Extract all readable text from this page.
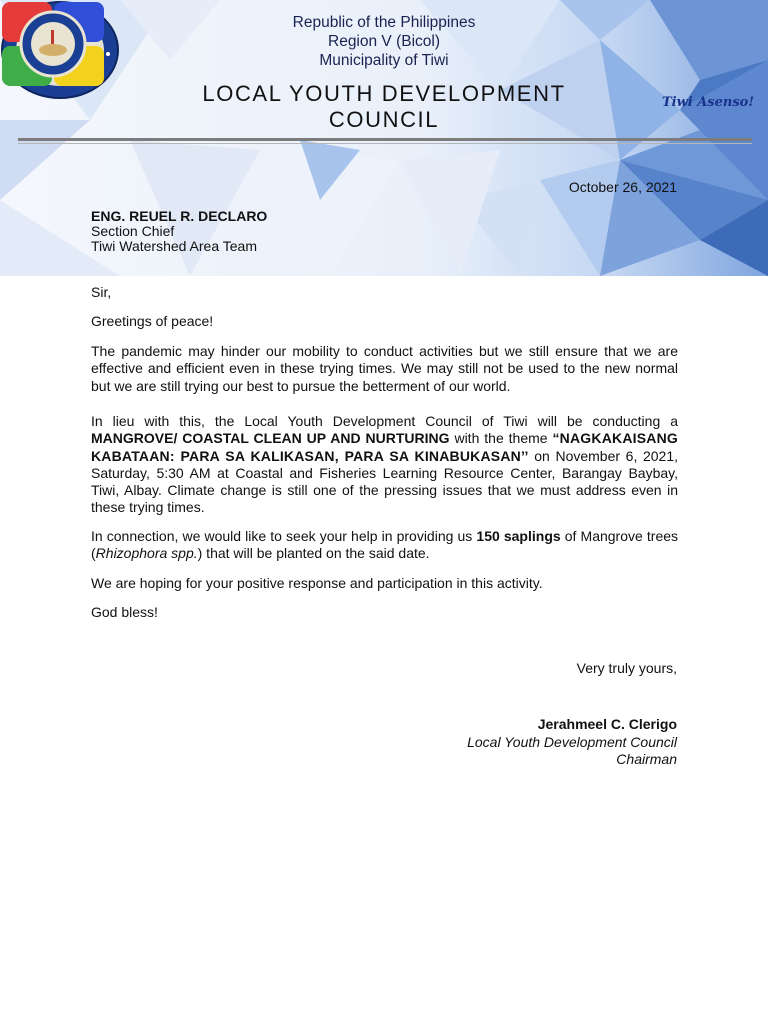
Tiwi Asenso!
Republic of the Philippines
Region V (Bicol)
Municipality of Tiwi
LOCAL YOUTH DEVELOPMENT
COUNCIL
October 26, 2021
ENG. REUEL R. DECLARO
Section Chief
Tiwi Watershed Area Team
Sir,
Greetings of peace!
The pandemic may hinder our mobility to conduct activities but we still ensure that we are effective and efficient even in these trying times. We may still not be used to the new normal but we are still trying our best to pursue the betterment of our world.
In lieu with this, the Local Youth Development Council of Tiwi will be conducting a MANGROVE/ COASTAL CLEAN UP AND NURTURING with the theme “NAGKAKAISANG KABATAAN: PARA SA KALIKASAN, PARA SA KINABUKASAN’’ on November 6, 2021, Saturday, 5:30 AM at Coastal and Fisheries Learning Resource Center, Barangay Baybay, Tiwi, Albay. Climate change is still one of the pressing issues that we must address even in these trying times.
In connection, we would like to seek your help in providing us 150 saplings of Mangrove trees (Rhizophora spp.) that will be planted on the said date.
We are hoping for your positive response and participation in this activity.
God bless!
Very truly yours,
Jerahmeel C. Clerigo
Local Youth Development Council
Chairman
